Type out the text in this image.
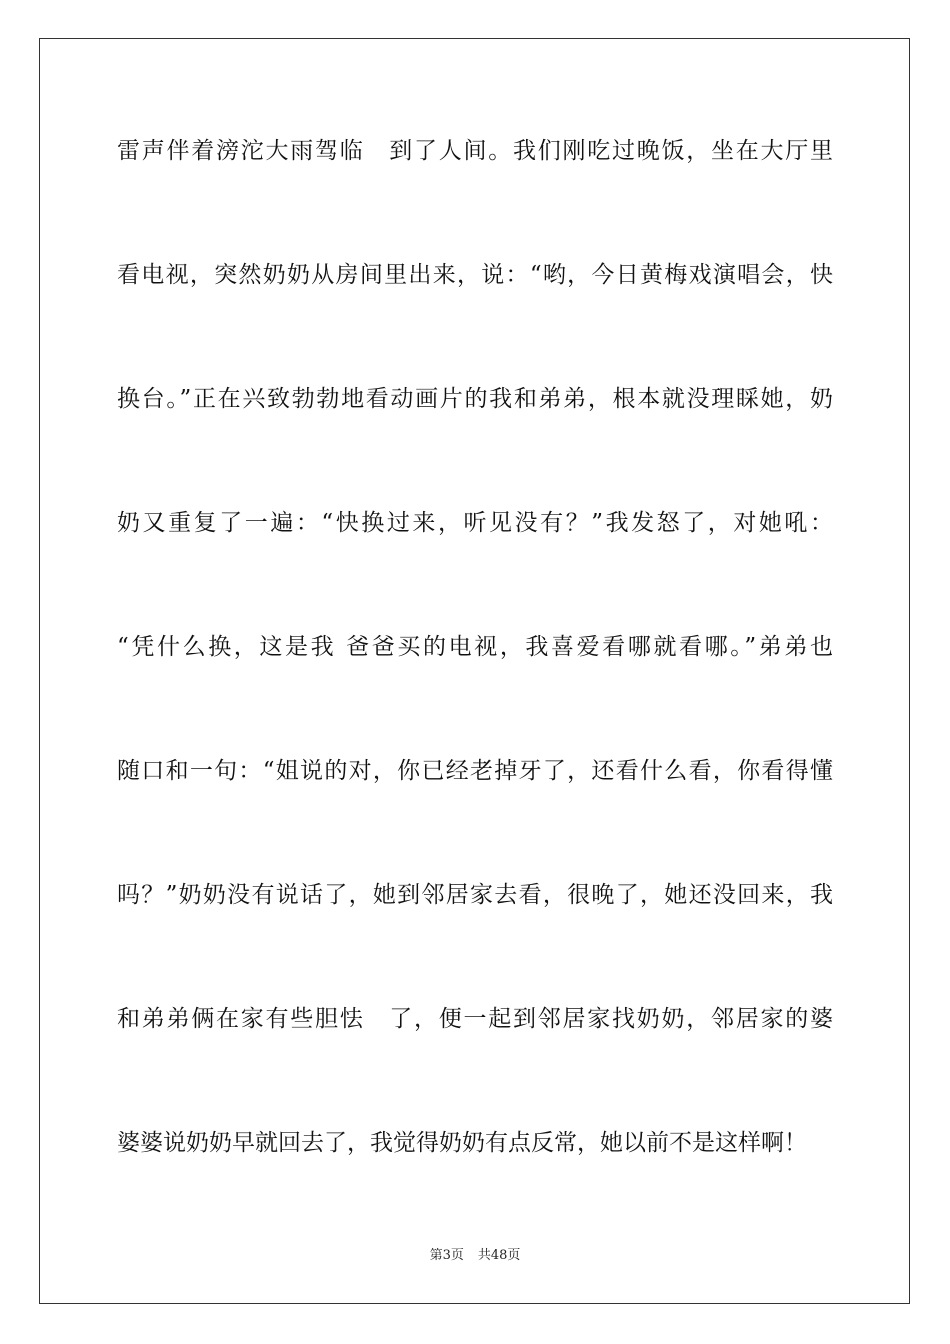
雷声伴着滂沱大雨驾临　到了人间。我们刚吃过晚饭，坐在大厅里
看电视，突然奶奶从房间里出来，说：“哟，今日黄梅戏演唱会，快
换台。”正在兴致勃勃地看动画片的我和弟弟，根本就没理睬她，奶
奶又重复了一遍：“快换过来，听见没有？”我发怒了，对她吼：
“凭什么换，这是我 爸爸买的电视，我喜爱看哪就看哪。”弟弟也
随口和一句：“姐说的对，你已经老掉牙了，还看什么看，你看得懂
吗？”奶奶没有说话了，她到邻居家去看，很晚了，她还没回来，我
和弟弟俩在家有些胆怯　了，便一起到邻居家找奶奶，邻居家的婆
婆婆说奶奶早就回去了，我觉得奶奶有点反常，她以前不是这样啊！
第3页 共48页
